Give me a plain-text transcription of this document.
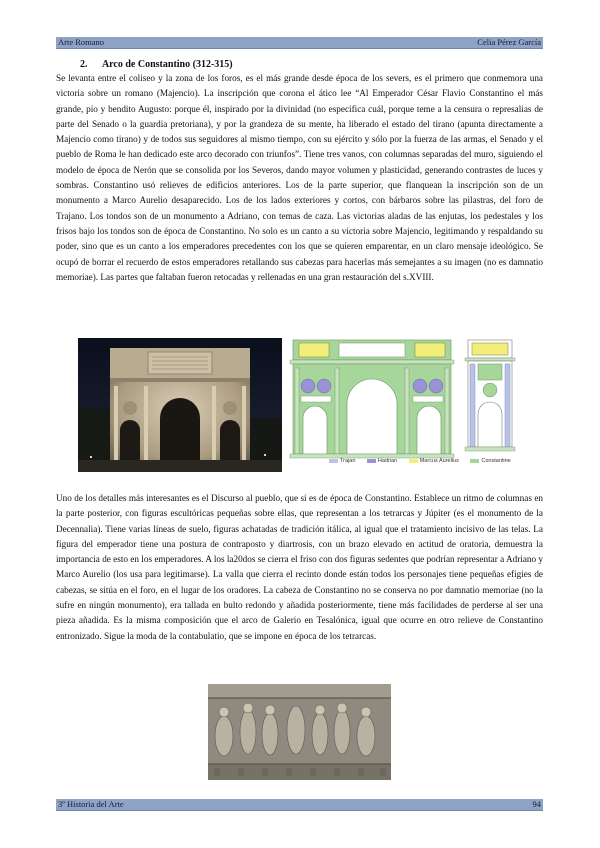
Arte Romano	Celia Pérez García
2. Arco de Constantino (312-315)

Se levanta entre el coliseo y la zona de los foros, es el más grande desde época de los severs, es el primero que conmemora una victoria sobre un romano (Majencio). La inscripción que corona el ático lee “Al Emperador César Flavio Constantino el más grande, pío y bendito Augusto: porque él, inspirado por la divinidad (no especifica cuál, porque teme a la censura o represalias de parte del Senado o la guardia pretoriana), y por la grandeza de su mente, ha liberado el estado del tirano (apunta directamente a Majencio como tirano) y de todos sus seguidores al mismo tiempo, con su ejército y sólo por la fuerza de las armas, el Senado y el pueblo de Roma le han dedicado este arco decorado con triunfos”. Tiene tres vanos, con columnas separadas del muro, siguiendo el modelo de época de Nerón que se consolida por los Severos, dando mayor volumen y plasticidad, generando contrastes de luces y sombras. Constantino usó relieves de edificios anteriores. Los de la parte superior, que flanquean la inscripción son de un monumento a Marco Aurelio desaparecido. Los de los lados exteriores y cortos, con bárbaros sobre las pilastras, del foro de Trajano. Los tondos son de un monumento a Adriano, con temas de caza. Las victorias aladas de las enjutas, los pedestales y los frisos bajo los tondos son de época de Constantino. No solo es un canto a su victoria sobre Majencio, legitimando y respaldando su poder, sino que es un canto a los emperadores precedentes con los que se quieren emparentar, en un claro mensaje ideológico. Se ocupó de borrar el recuerdo de estos emperadores retallando sus cabezas para hacerlas más semejantes a su imagen (no es damnatio memoriae). Las partes que faltaban fueron retocadas y rellenadas en una gran restauración del s.XVIII.

Trajan	Hadrian	Marcus Aurelius	Constantine

Uno de los detalles más interesantes es el Discurso al pueblo, que sí es de época de Constantino. Establece un ritmo de columnas en la parte posterior, con figuras escultóricas pequeñas sobre ellas, que representan a los tetrarcas y Júpiter (es el monumento de la Decennalia). Tiene varias líneas de suelo, figuras achatadas de tradición itálica, al igual que el tratamiento incisivo de las telas. La figura del emperador tiene una postura de contraposto y diartrosis, con un brazo elevado en actitud de oratoria, demuestra la importancia de esto en los emperadores. A los la20dos se cierra el friso con dos figuras sedentes que podrían representar a Adriano y Marco Aurelio (los usa para legitimarse). La valla que cierra el recinto donde están todos los personajes tiene pequeñas efigies de cabezas, se sitúa en el foro, en el lugar de los oradores. La cabeza de Constantino no se conserva no por damnatio memoriae (no la sufre en ningún monumento), era tallada en bulto redondo y añadida posteriormente, tiene más facilidades de perderse al ser una pieza añadida. Es la misma composición que el arco de Galerio en Tesalónica, igual que ocurre en otro relieve de Constantino entronizado. Sigue la moda de la contabulatio, que se impone en época de los tetrarcas.

3º Historia del Arte	94
